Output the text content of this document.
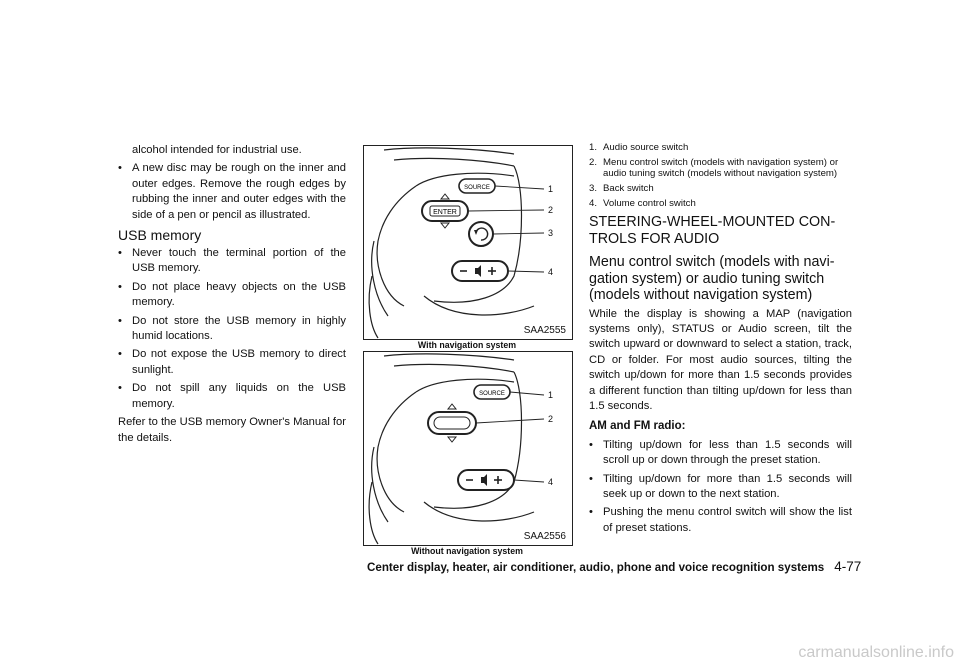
alcohol intended for industrial use.

• A new disc may be rough on the inner and outer edges. Remove the rough edges by rubbing the inner and outer edges with the side of a pen or pencil as illustrated.

USB memory

• Never touch the terminal portion of the USB memory.

• Do not place heavy objects on the USB memory.

• Do not store the USB memory in highly humid locations.

• Do not expose the USB memory to direct sunlight.

• Do not spill any liquids on the USB memory.

Refer to the USB memory Owner's Manual for the details.

SOURCE
ENTER
1
2
3
4
SAA2555
With navigation system
SOURCE	1
2
4
SAA2556
Without navigation system
1. Audio source switch
2. Menu control switch (models with navigation system) or audio tuning switch (models without navigation system)
3. Back switch
4. Volume control switch

STEERING-WHEEL-MOUNTED CON-TROLS FOR AUDIO

Menu control switch (models with navi-gation system) or audio tuning switch (models without navigation system)

While the display is showing a MAP (navigation systems only), STATUS or Audio screen, tilt the switch upward or downward to select a station, track, CD or folder. For most audio sources, tilting the switch up/down for more than 1.5 seconds provides a different function than tilting up/down for less than 1.5 seconds.

AM and FM radio:

• Tilting up/down for less than 1.5 seconds will scroll up or down through the preset station.

• Tilting up/down for more than 1.5 seconds will seek up or down to the next station.

• Pushing the menu control switch will show the list of preset stations.

Center display, heater, air conditioner, audio, phone and voice recognition systems 4-77
carmanualsonline.info
